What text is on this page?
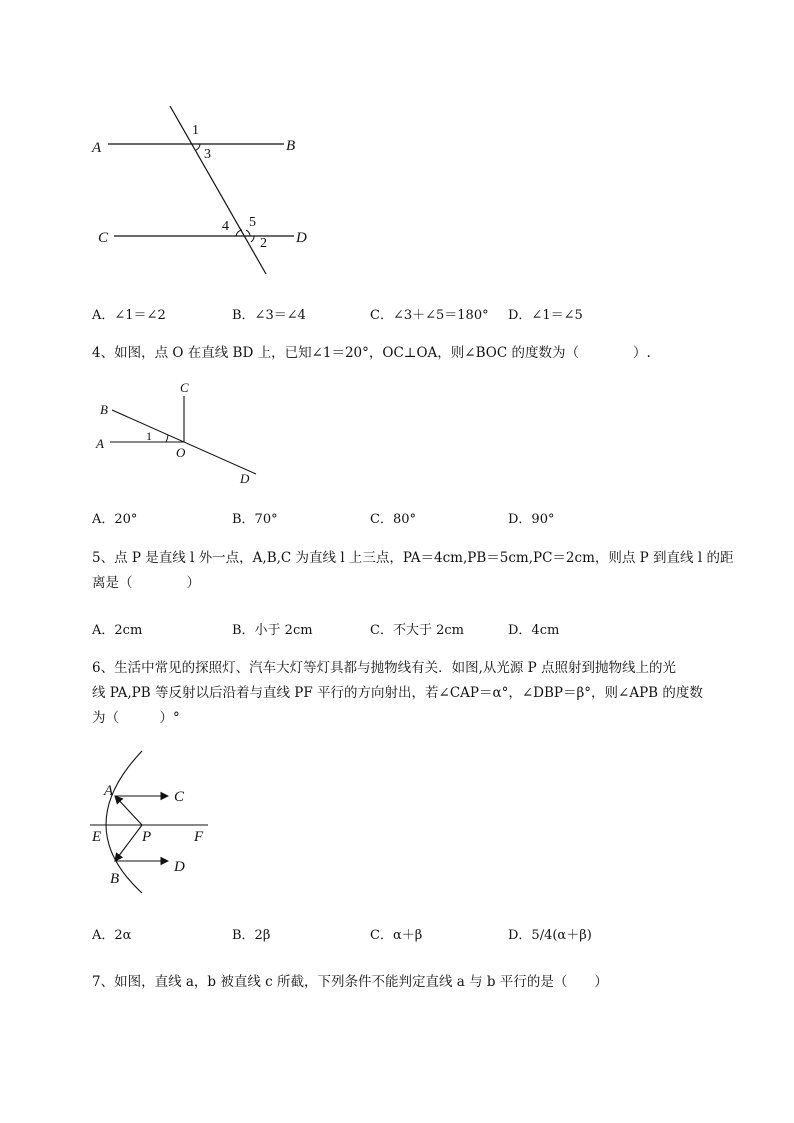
A	B
C	D
1
3
4 5
2
A．∠1＝∠2	B．∠3＝∠4	C．∠3＋∠5＝180° D．∠1＝∠5
4、如图，点 O 在直线 BD 上，已知∠1＝20°，OC⊥OA，则∠BOC 的度数为（　　　　）.
B
C
A
O
D
1
A．20°	B．70°	C．80°	D．90°
5、点 P 是直线 l 外一点，A,B,C 为直线 l 上三点，PA＝4cm,PB＝5cm,PC＝2cm，则点 P 到直线 l 的距
离是（　　　　）
A．2cm	B．小于 2cm	C．不大于 2cm	D．4cm
6、生活中常见的探照灯、汽车大灯等灯具都与抛物线有关．如图,从光源 P 点照射到抛物线上的光
线 PA,PB 等反射以后沿着与直线 PF 平行的方向射出，若∠CAP＝α°，∠DBP＝β°，则∠APB 的度数
为（　　　）°
A	C
E	P	F
B
D
A．2α	B．2β	C．α＋β	D．5/4(α＋β)
7、如图，直线 a，b 被直线 c 所截，下列条件不能判定直线 a 与 b 平行的是（　　）
